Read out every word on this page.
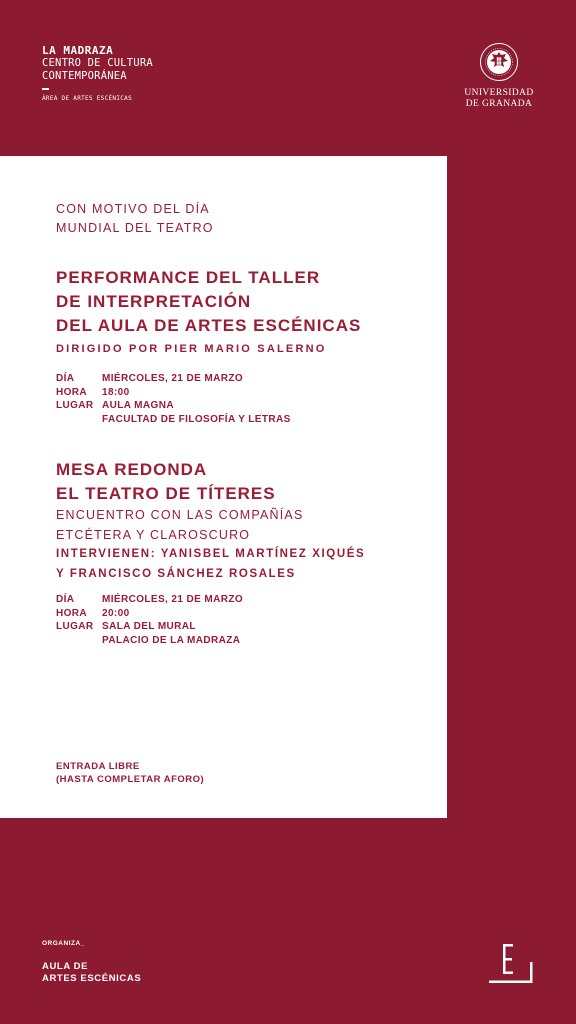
LA MADRAZA
CENTRO DE CULTURA
CONTEMPORÁNEA
ÁREA DE ARTES ESCÉNICAS	UNIVERSIDAD
DE GRANADA
CON MOTIVO DEL DÍA
MUNDIAL DEL TEATRO
PERFORMANCE DEL TALLER
DE INTERPRETACIÓN
DEL AULA DE ARTES ESCÉNICAS
DIRIGIDO POR PIER MARIO SALERNO
DÍA	MIÉRCOLES, 21 DE MARZO
HORA	18:00
LUGAR AULA MAGNA
FACULTAD DE FILOSOFÍA Y LETRAS
MESA REDONDA
EL TEATRO DE TÍTERES
ENCUENTRO CON LAS COMPAÑÍAS
ETCÉTERA Y CLAROSCURO
INTERVIENEN: YANISBEL MARTÍNEZ XIQUÉS
Y FRANCISCO SÁNCHEZ ROSALES
DÍA	MIÉRCOLES, 21 DE MARZO
HORA	20:00
LUGAR SALA DEL MURAL
PALACIO DE LA MADRAZA
ENTRADA LIBRE
(HASTA COMPLETAR AFORO)
ORGANIZA_
AULA DE
ARTES ESCÉNICAS
